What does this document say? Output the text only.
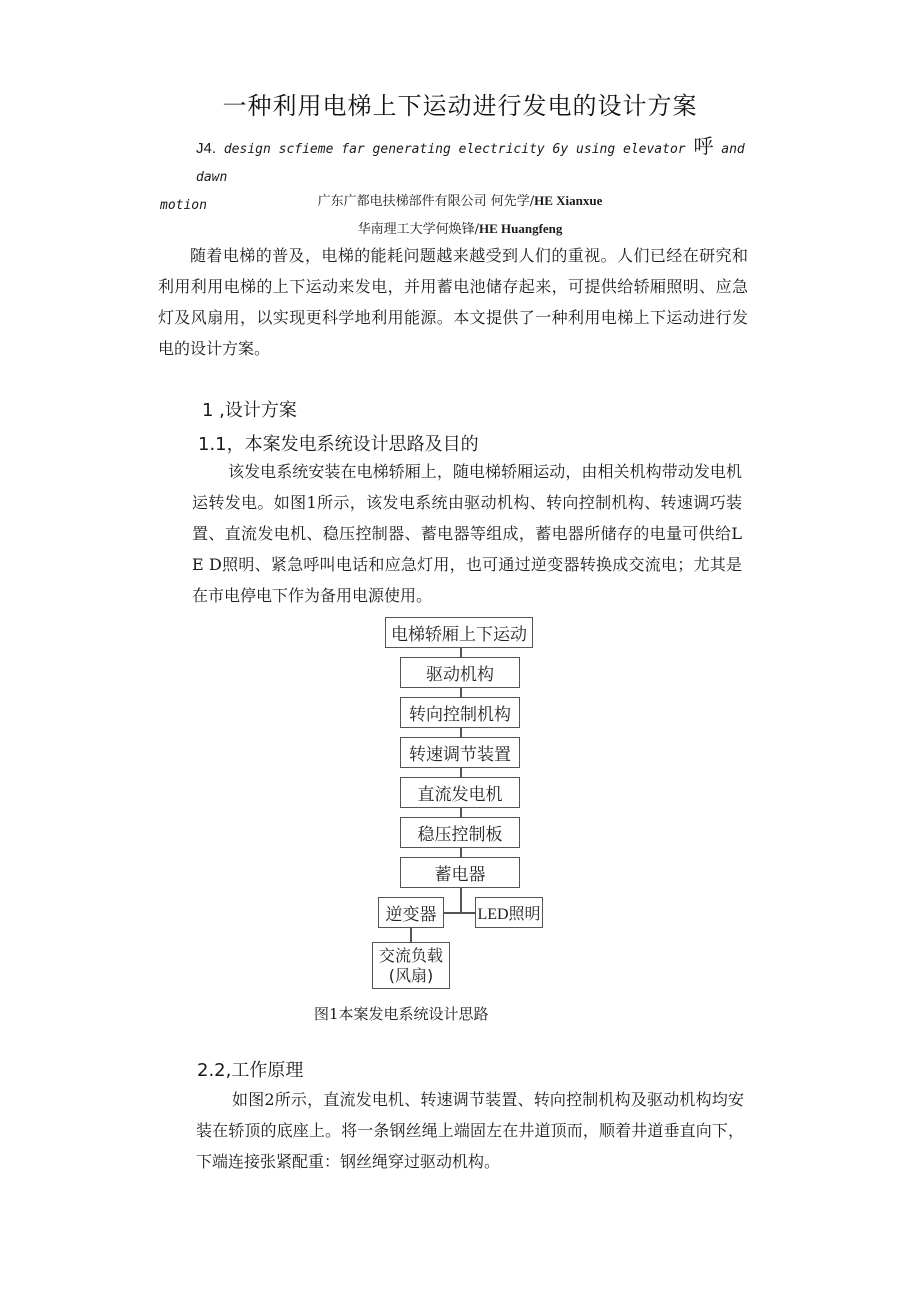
一种利用电梯上下运动进行发电的设计方案
J4. design scfieme far generating electricity 6y using elevator 呼 and dawn
motion	广东广都电扶梯部件有限公司 何先学/HE Xianxue
华南理工大学何焕锋/HE Huangfeng

随着电梯的普及，电梯的能耗问题越来越受到人们的重视。人们已经在研究和利用利用电梯的上下运动来发电，并用蓄电池储存起来，可提供给轿厢照明、应急灯及风扇用，以实现更科学地利用能源。本文提供了一种利用电梯上下运动进行发电的设计方案。

1 ,设计方案
1.1，本案发电系统设计思路及目的

该发电系统安装在电梯轿厢上，随电梯轿厢运动，由相关机构带动发电机运转发电。如图1所示，该发电系统由驱动机构、转向控制机构、转速调巧装置、直流发电机、稳压控制器、蓄电器等组成，蓄电器所储存的电量可供给L E D照明、紧急呼叫电话和应急灯用，也可通过逆变器转换成交流电；尤其是在市电停电下作为备用电源使用。

电梯轿厢上下运动
驱动机构
转向控制机构
转速调节装置
直流发电机
稳压控制板
蓄电器
逆变器	LED照明
交流负载
(风扇)
图1本案发电系统设计思路
2.2,工作原理

如图2所示，直流发电机、转速调节装置、转向控制机构及驱动机构均安装在轿顶的底座上。将一条钢丝绳上端固左在井道顶而，顺着井道垂直向下，下端连接张紧配重：钢丝绳穿过驱动机构。
